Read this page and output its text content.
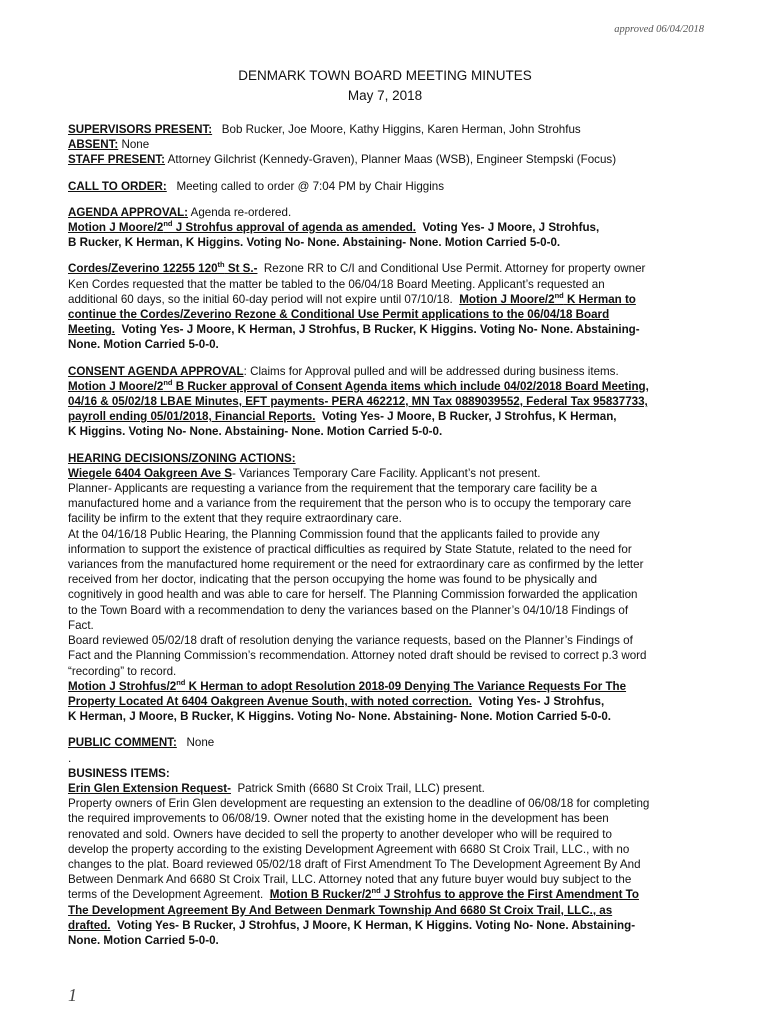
approved 06/04/2018
DENMARK TOWN BOARD MEETING MINUTES
May 7, 2018

SUPERVISORS PRESENT: Bob Rucker, Joe Moore, Kathy Higgins, Karen Herman, John Strohfus

ABSENT: None

STAFF PRESENT: Attorney Gilchrist (Kennedy-Graven), Planner Maas (WSB), Engineer Stempski (Focus)

CALL TO ORDER: Meeting called to order @ 7:04 PM by Chair Higgins

AGENDA APPROVAL: Agenda re-ordered.

Motion J Moore/2nd J Strohfus approval of agenda as amended. Voting Yes- J Moore, J Strohfus,

B Rucker, K Herman, K Higgins. Voting No- None. Abstaining- None. Motion Carried 5-0-0.

Cordes/Zeverino 12255 120th St S.- Rezone RR to C/I and Conditional Use Permit. Attorney for property owner

Ken Cordes requested that the matter be tabled to the 06/04/18 Board Meeting. Applicant’s requested an

additional 60 days, so the initial 60-day period will not expire until 07/10/18. Motion J Moore/2nd K Herman to

continue the Cordes/Zeverino Rezone & Conditional Use Permit applications to the 06/04/18 Board

Meeting. Voting Yes- J Moore, K Herman, J Strohfus, B Rucker, K Higgins. Voting No- None. Abstaining-

None. Motion Carried 5-0-0.

CONSENT AGENDA APPROVAL: Claims for Approval pulled and will be addressed during business items.

Motion J Moore/2nd B Rucker approval of Consent Agenda items which include 04/02/2018 Board Meeting,

04/16 & 05/02/18 LBAE Minutes, EFT payments- PERA 462212, MN Tax 0889039552, Federal Tax 95837733,

payroll ending 05/01/2018, Financial Reports. Voting Yes- J Moore, B Rucker, J Strohfus, K Herman,

K Higgins. Voting No- None. Abstaining- None. Motion Carried 5-0-0.

HEARING DECISIONS/ZONING ACTIONS:

Wiegele 6404 Oakgreen Ave S- Variances Temporary Care Facility. Applicant’s not present.

Planner- Applicants are requesting a variance from the requirement that the temporary care facility be a

manufactured home and a variance from the requirement that the person who is to occupy the temporary care

facility be infirm to the extent that they require extraordinary care.

At the 04/16/18 Public Hearing, the Planning Commission found that the applicants failed to provide any

information to support the existence of practical difficulties as required by State Statute, related to the need for

variances from the manufactured home requirement or the need for extraordinary care as confirmed by the letter

received from her doctor, indicating that the person occupying the home was found to be physically and

cognitively in good health and was able to care for herself. The Planning Commission forwarded the application

to the Town Board with a recommendation to deny the variances based on the Planner’s 04/10/18 Findings of

Fact.

Board reviewed 05/02/18 draft of resolution denying the variance requests, based on the Planner’s Findings of

Fact and the Planning Commission’s recommendation. Attorney noted draft should be revised to correct p.3 word

“recording” to record.

Motion J Strohfus/2nd K Herman to adopt Resolution 2018-09 Denying The Variance Requests For The

Property Located At 6404 Oakgreen Avenue South, with noted correction. Voting Yes- J Strohfus,

K Herman, J Moore, B Rucker, K Higgins. Voting No- None. Abstaining- None. Motion Carried 5-0-0.

PUBLIC COMMENT: None

.

BUSINESS ITEMS:

Erin Glen Extension Request- Patrick Smith (6680 St Croix Trail, LLC) present.

Property owners of Erin Glen development are requesting an extension to the deadline of 06/08/18 for completing

the required improvements to 06/08/19. Owner noted that the existing home in the development has been

renovated and sold. Owners have decided to sell the property to another developer who will be required to

develop the property according to the existing Development Agreement with 6680 St Croix Trail, LLC., with no

changes to the plat. Board reviewed 05/02/18 draft of First Amendment To The Development Agreement By And

Between Denmark And 6680 St Croix Trail, LLC. Attorney noted that any future buyer would buy subject to the

terms of the Development Agreement. Motion B Rucker/2nd J Strohfus to approve the First Amendment To

The Development Agreement By And Between Denmark Township And 6680 St Croix Trail, LLC., as

drafted. Voting Yes- B Rucker, J Strohfus, J Moore, K Herman, K Higgins. Voting No- None. Abstaining-

None. Motion Carried 5-0-0.

1
